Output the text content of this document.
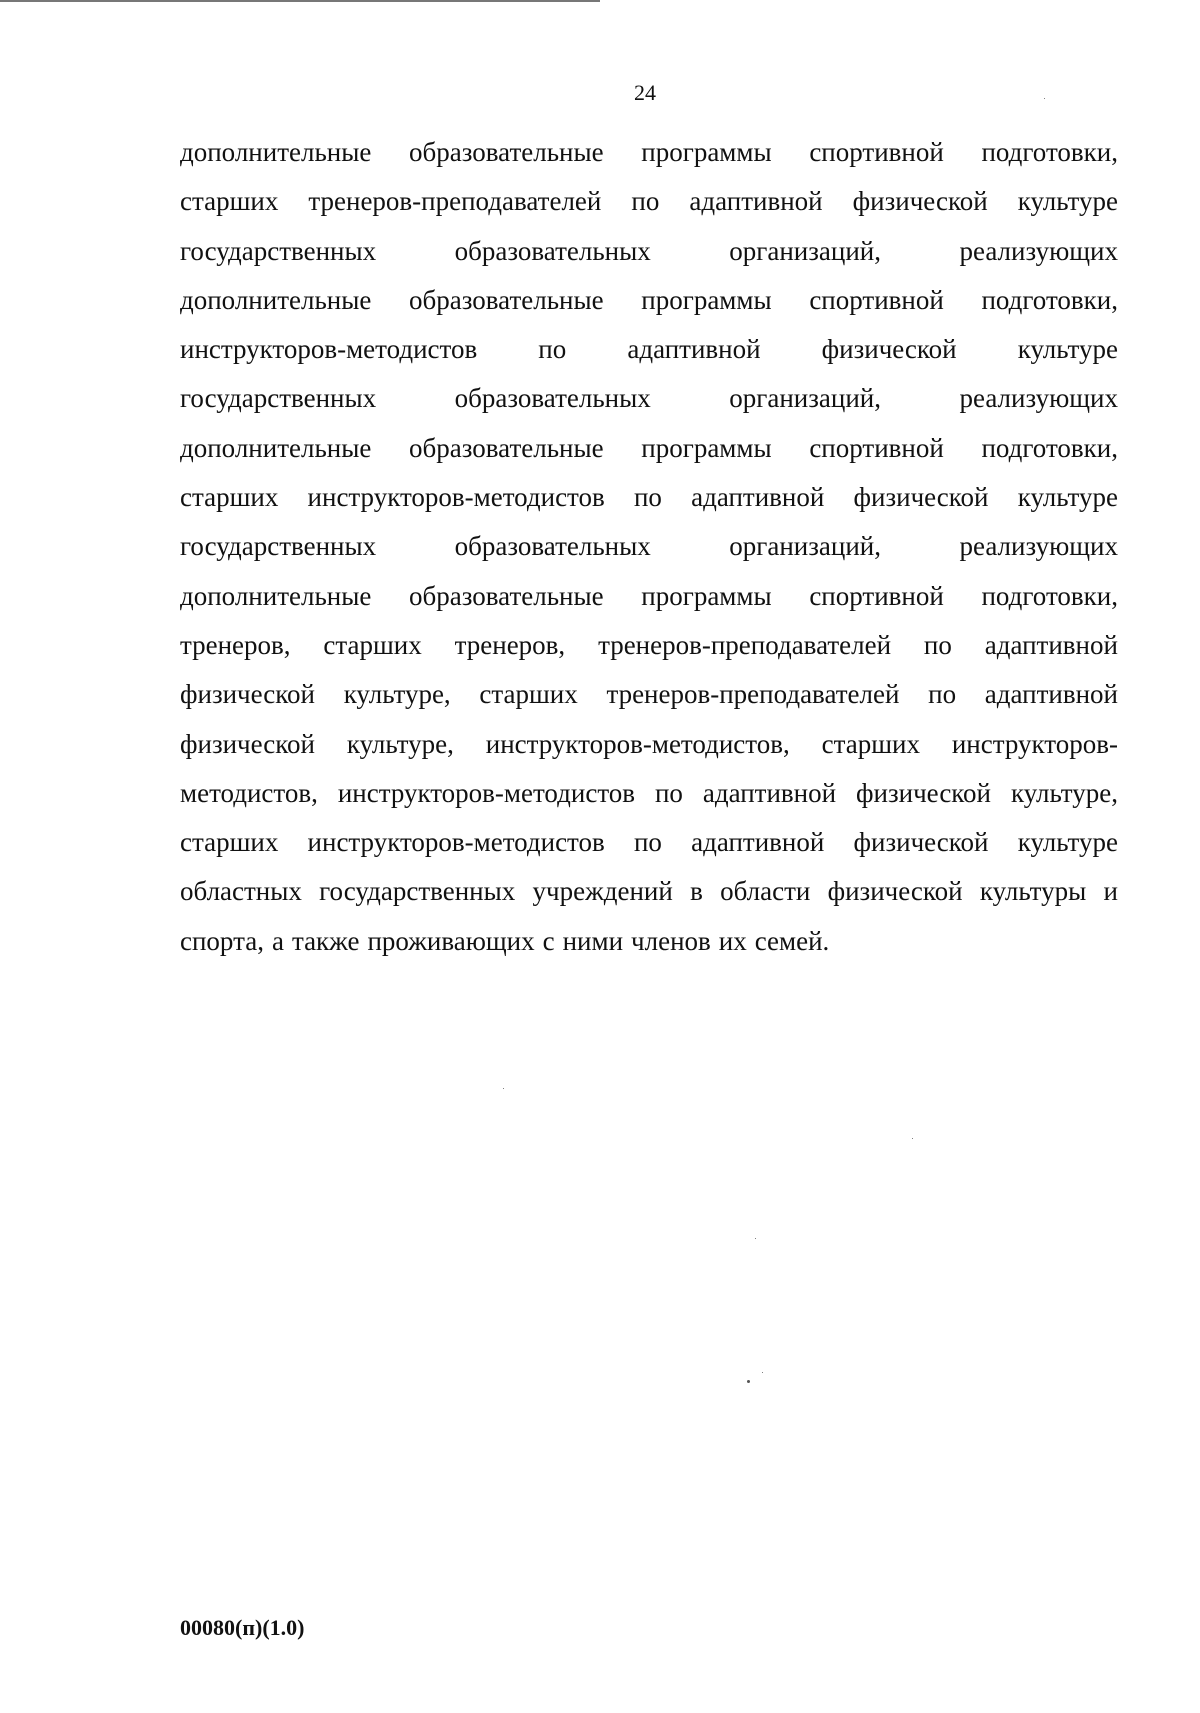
24
дополнительные образовательные программы спортивной подготовки,
старших тренеров-преподавателей по адаптивной физической культуре
государственных	образовательных	организаций,	реализующих
дополнительные образовательные программы спортивной подготовки,
инструкторов-методистов по адаптивной физической культуре
государственных	образовательных	организаций,	реализующих
дополнительные образовательные программы спортивной подготовки,
старших инструкторов-методистов по адаптивной физической культуре
государственных	образовательных	организаций,	реализующих
дополнительные образовательные программы спортивной подготовки,
тренеров, старших тренеров, тренеров-преподавателей по адаптивной
физической культуре, старших тренеров-преподавателей по адаптивной
физической культуре, инструкторов-методистов, старших инструкторов-
методистов, инструкторов-методистов по адаптивной физической культуре,
старших инструкторов-методистов по адаптивной физической культуре
областных государственных учреждений в области физической культуры и
спорта, а также проживающих с ними членов их семей.
00080(п)(1.0)
